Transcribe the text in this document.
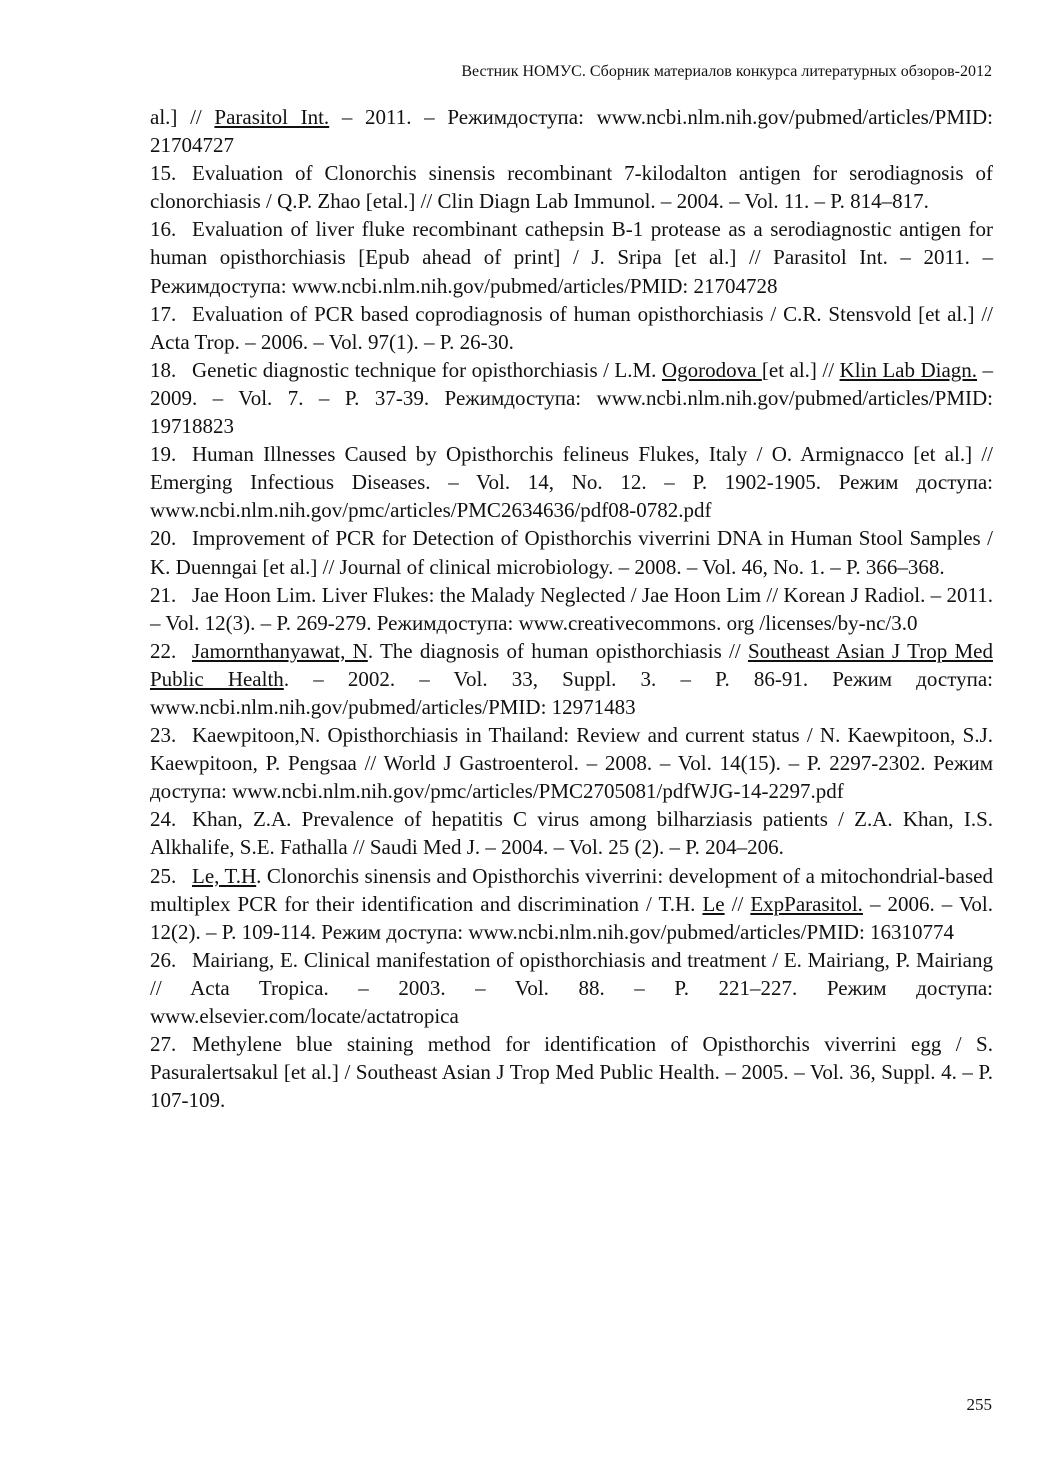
Вестник НОМУС. Сборник материалов конкурса литературных обзоров-2012

al.] // Parasitol Int. – 2011. – Режимдоступа: www.ncbi.nlm.nih.gov/pubmed/articles/PMID: 21704727

15. Evaluation of Clonorchis sinensis recombinant 7-kilodalton antigen for serodiagnosis of clonorchiasis / Q.P. Zhao [etal.] // Clin Diagn Lab Immunol. – 2004. – Vol. 11. – P. 814–817.

16. Evaluation of liver fluke recombinant cathepsin B-1 protease as a serodiagnostic antigen for human opisthorchiasis [Epub ahead of print] / J. Sripa [et al.] // Parasitol Int. – 2011. – Режимдоступа: www.ncbi.nlm.nih.gov/pubmed/articles/PMID: 21704728

17. Evaluation of PCR based coprodiagnosis of human opisthorchiasis / C.R. Stensvold [et al.] // Acta Trop. – 2006. – Vol. 97(1). – P. 26-30.

18. Genetic diagnostic technique for opisthorchiasis / L.M. Ogorodova [et al.] // Klin Lab Diagn. – 2009. – Vol. 7. – P. 37-39. Режимдоступа: www.ncbi.nlm.nih.gov/pubmed/articles/PMID: 19718823

19. Human Illnesses Caused by Opisthorchis felineus Flukes, Italy / O. Armignacco [et al.] // Emerging Infectious Diseases. – Vol. 14, No. 12. – P. 1902-1905. Режим доступа: www.ncbi.nlm.nih.gov/pmc/articles/PMC2634636/pdf08-0782.pdf

20. Improvement of PCR for Detection of Opisthorchis viverrini DNA in Human Stool Samples / K. Duenngai [et al.] // Journal of clinical microbiology. – 2008. – Vol. 46, No. 1. – P. 366–368.

21. Jae Hoon Lim. Liver Flukes: the Malady Neglected / Jae Hoon Lim // Korean J Radiol. – 2011. – Vol. 12(3). – P. 269-279. Режимдоступа: www.creativecommons. org /licenses/by-nc/3.0

22. Jamornthanyawat, N. The diagnosis of human opisthorchiasis // Southeast Asian J Trop Med Public Health. – 2002. – Vol. 33, Suppl. 3. – P. 86-91. Режим доступа: www.ncbi.nlm.nih.gov/pubmed/articles/PMID: 12971483

23. Kaewpitoon,N. Opisthorchiasis in Thailand: Review and current status / N. Kaewpitoon, S.J. Kaewpitoon, P. Pengsaa // World J Gastroenterol. – 2008. – Vol. 14(15). – P. 2297-2302. Режим доступа: www.ncbi.nlm.nih.gov/pmc/articles/PMC2705081/pdfWJG-14-2297.pdf

24. Khan, Z.A. Prevalence of hepatitis C virus among bilharziasis patients / Z.A. Khan, I.S. Alkhalife, S.E. Fathalla // Saudi Med J. – 2004. – Vol. 25 (2). – P. 204–206.

25. Le, T.H. Clonorchis sinensis and Opisthorchis viverrini: development of a mitochondrial-based multiplex PCR for their identification and discrimination / T.H. Le // ExpParasitol. – 2006. – Vol. 12(2). – P. 109-114. Режим доступа: www.ncbi.nlm.nih.gov/pubmed/articles/PMID: 16310774

26. Mairiang, E. Clinical manifestation of opisthorchiasis and treatment / E. Mairiang, P. Mairiang // Acta Tropica. – 2003. – Vol. 88. – P. 221–227. Режим доступа: www.elsevier.com/locate/actatropica

27. Methylene blue staining method for identification of Opisthorchis viverrini egg / S. Pasuralertsakul [et al.] / Southeast Asian J Trop Med Public Health. – 2005. – Vol. 36, Suppl. 4. – P. 107-109.

255
